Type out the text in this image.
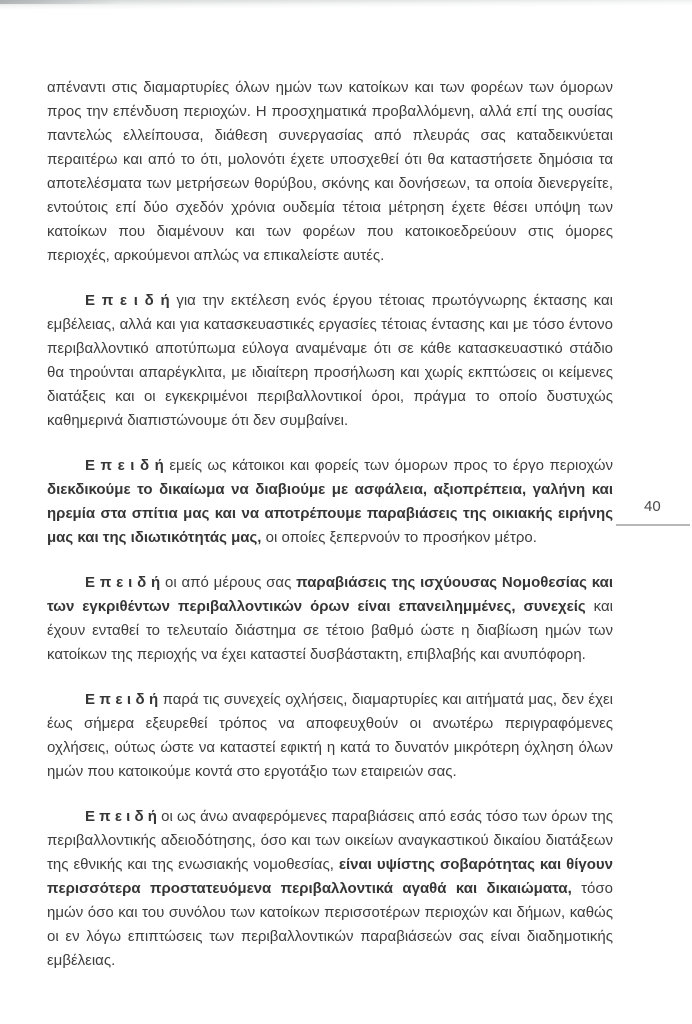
απέναντι στις διαμαρτυρίες όλων ημών των κατοίκων και των φορέων των όμορων προς την επένδυση περιοχών. Η προσχηματικά προβαλλόμενη, αλλά επί της ουσίας παντελώς ελλείπουσα, διάθεση συνεργασίας από πλευράς σας καταδεικνύεται περαιτέρω και από το ότι, μολονότι έχετε υποσχεθεί ότι θα καταστήσετε δημόσια τα αποτελέσματα των μετρήσεων θορύβου, σκόνης και δονήσεων, τα οποία διενεργείτε, εντούτοις επί δύο σχεδόν χρόνια ουδεμία τέτοια μέτρηση έχετε θέσει υπόψη των κατοίκων που διαμένουν και των φορέων που κατοικοεδρεύουν στις όμορες περιοχές, αρκούμενοι απλώς να επικαλείστε αυτές.

Ε π ε ι δ ή για την εκτέλεση ενός έργου τέτοιας πρωτόγνωρης έκτασης και εμβέλειας, αλλά και για κατασκευαστικές εργασίες τέτοιας έντασης και με τόσο έντονο περιβαλλοντικό αποτύπωμα εύλογα αναμέναμε ότι σε κάθε κατασκευαστικό στάδιο θα τηρούνται απαρέγκλιτα, με ιδιαίτερη προσήλωση και χωρίς εκπτώσεις οι κείμενες διατάξεις και οι εγκεκριμένοι περιβαλλοντικοί όροι, πράγμα το οποίο δυστυχώς καθημερινά διαπιστώνουμε ότι δεν συμβαίνει.

Ε π ε ι δ ή εμείς ως κάτοικοι και φορείς των όμορων προς το έργο περιοχών διεκδικούμε το δικαίωμα να διαβιούμε με ασφάλεια, αξιοπρέπεια, γαλήνη και ηρεμία στα σπίτια μας και να αποτρέπουμε παραβιάσεις της οικιακής ειρήνης μας και της ιδιωτικότητάς μας, οι οποίες ξεπερνούν το προσήκον μέτρο.

Ε π ε ι δ ή οι από μέρους σας παραβιάσεις της ισχύουσας Νομοθεσίας και των εγκριθέντων περιβαλλοντικών όρων είναι επανειλημμένες, συνεχείς και έχουν ενταθεί το τελευταίο διάστημα σε τέτοιο βαθμό ώστε η διαβίωση ημών των κατοίκων της περιοχής να έχει καταστεί δυσβάστακτη, επιβλαβής και ανυπόφορη.

Ε π ε ι δ ή παρά τις συνεχείς οχλήσεις, διαμαρτυρίες και αιτήματά μας, δεν έχει έως σήμερα εξευρεθεί τρόπος να αποφευχθούν οι ανωτέρω περιγραφόμενες οχλήσεις, ούτως ώστε να καταστεί εφικτή η κατά το δυνατόν μικρότερη όχληση όλων ημών που κατοικούμε κοντά στο εργοτάξιο των εταιρειών σας.

Ε π ε ι δ ή οι ως άνω αναφερόμενες παραβιάσεις από εσάς τόσο των όρων της περιβαλλοντικής αδειοδότησης, όσο και των οικείων αναγκαστικού δικαίου διατάξεων της εθνικής και της ενωσιακής νομοθεσίας, είναι υψίστης σοβαρότητας και θίγουν περισσότερα προστατευόμενα περιβαλλοντικά αγαθά και δικαιώματα, τόσο ημών όσο και του συνόλου των κατοίκων περισσοτέρων περιοχών και δήμων, καθώς οι εν λόγω επιπτώσεις των περιβαλλοντικών παραβιάσεών σας είναι διαδημοτικής εμβέλειας.

40
